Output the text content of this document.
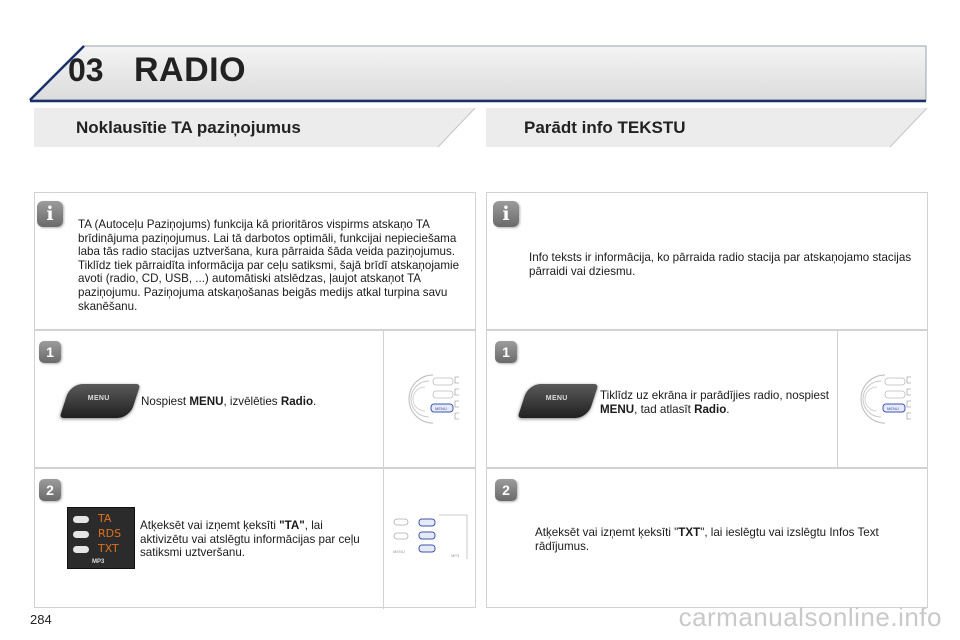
03 RADIO
Noklausītie TA paziņojumus	Parādt info TEKSTU
i	TA (Autoceļu Paziņojums) funkcija kā prioritāros vispirms atskaņo TA brīdinājuma paziņojumus. Lai tā darbotos optimāli, funkcijai nepieciešama laba tās radio stacijas uztveršana, kura pārraida šāda veida paziņojumus. Tiklīdz tiek pārraidīta informācija par ceļu satiksmi, šajā brīdī atskaņojamie avoti (radio, CD, USB, ...) automātiski atslēdzas, ļaujot atskaņot TA paziņojumu. Paziņojuma atskaņošanas beigās medijs atkal turpina savu skanēšanu.
1
MENU	Nospiest MENU, izvēlēties Radio.
MENU
2
TA
RDS
TXT
MP3
Atķeksēt vai izņemt ķeksīti "TA", lai aktivizētu vai atslēgtu informācijas par ceļu satiksmi uztveršanu.	MENU
MP3
i
Info teksts ir informācija, ko pārraida radio stacija par atskaņojamo stacijas pārraidi vai dziesmu.
1
MENU	Tiklīdz uz ekrāna ir parādījies radio, nospiest MENU, tad atlasīt Radio.	MENU
2
Atķeksēt vai izņemt ķeksīti "TXT", lai ieslēgtu vai izslēgtu Infos Text rādījumus.
284	carmanualsonline.info
